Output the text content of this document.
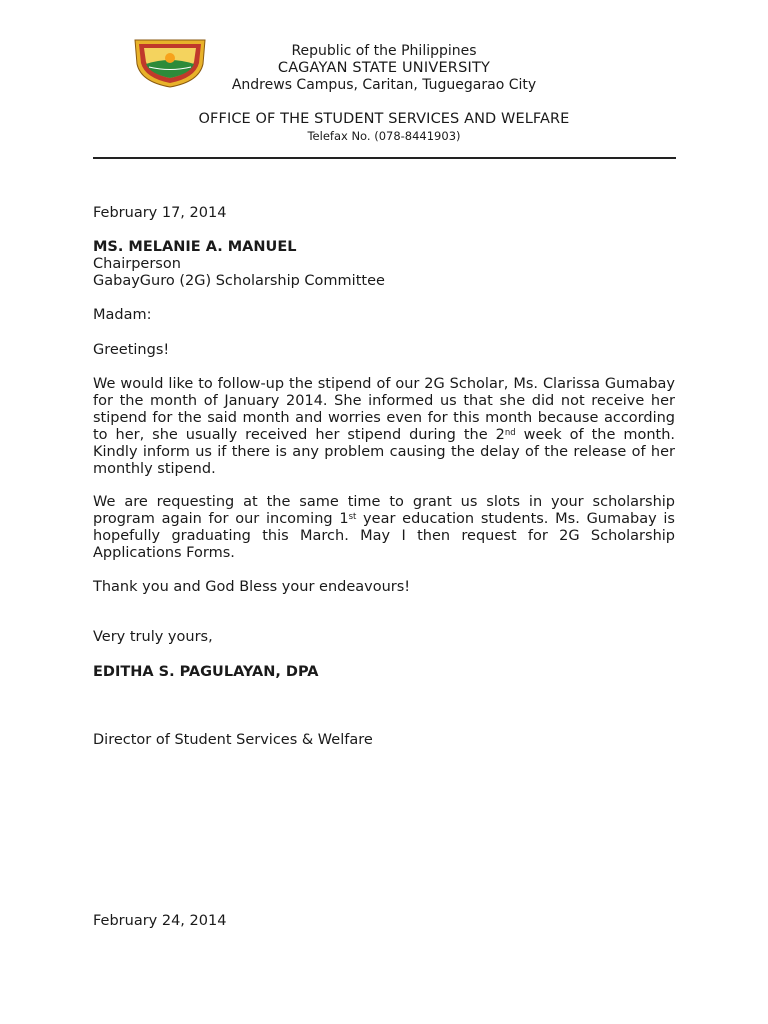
Republic of the Philippines
CAGAYAN STATE UNIVERSITY
Andrews Campus, Caritan, Tuguegarao City
OFFICE OF THE STUDENT SERVICES AND WELFARE
Telefax No. (078-8441903)
February 17, 2014
MS. MELANIE A. MANUEL
Chairperson
GabayGuro (2G) Scholarship Committee
Madam:
Greetings!

We would like to follow-up the stipend of our 2G Scholar, Ms. Clarissa Gumabay for the month of January 2014. She informed us that she did not receive her stipend for the said month and worries even for this month because according to her, she usually received her stipend during the 2nd week of the month. Kindly inform us if there is any problem causing the delay of the release of her monthly stipend.

We are requesting at the same time to grant us slots in your scholarship program again for our incoming 1st year education students. Ms. Gumabay is hopefully graduating this March. May I then request for 2G Scholarship Applications Forms.

Thank you and God Bless your endeavours!
Very truly yours,
EDITHA S. PAGULAYAN, DPA
Director of Student Services & Welfare
February 24, 2014
